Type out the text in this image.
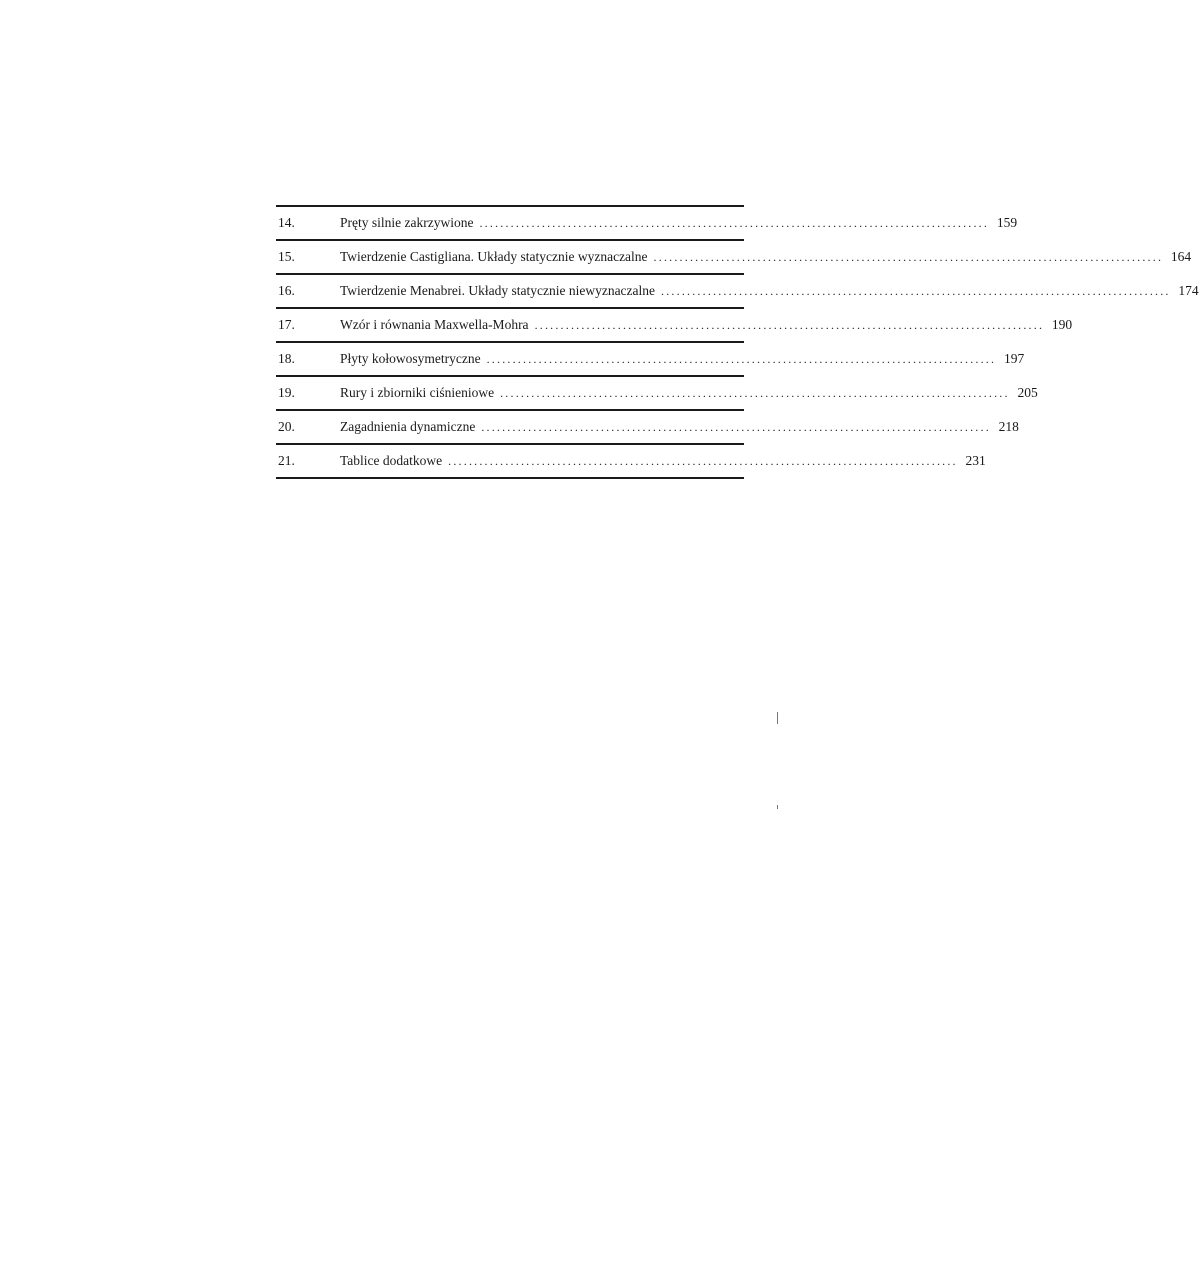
14.	Pręty silnie zakrzywione .................................................................................................. 159
15.	Twierdzenie Castigliana. Układy statycznie wyznaczalne .................................................................................................. 164
16.	Twierdzenie Menabrei. Układy statycznie niewyznaczalne .................................................................................................. 174
17.	Wzór i równania Maxwella-Mohra .................................................................................................. 190
18.	Płyty kołowosymetryczne .................................................................................................. 197
19.	Rury i zbiorniki ciśnieniowe .................................................................................................. 205
20.	Zagadnienia dynamiczne .................................................................................................. 218
21.	Tablice dodatkowe .................................................................................................. 231
